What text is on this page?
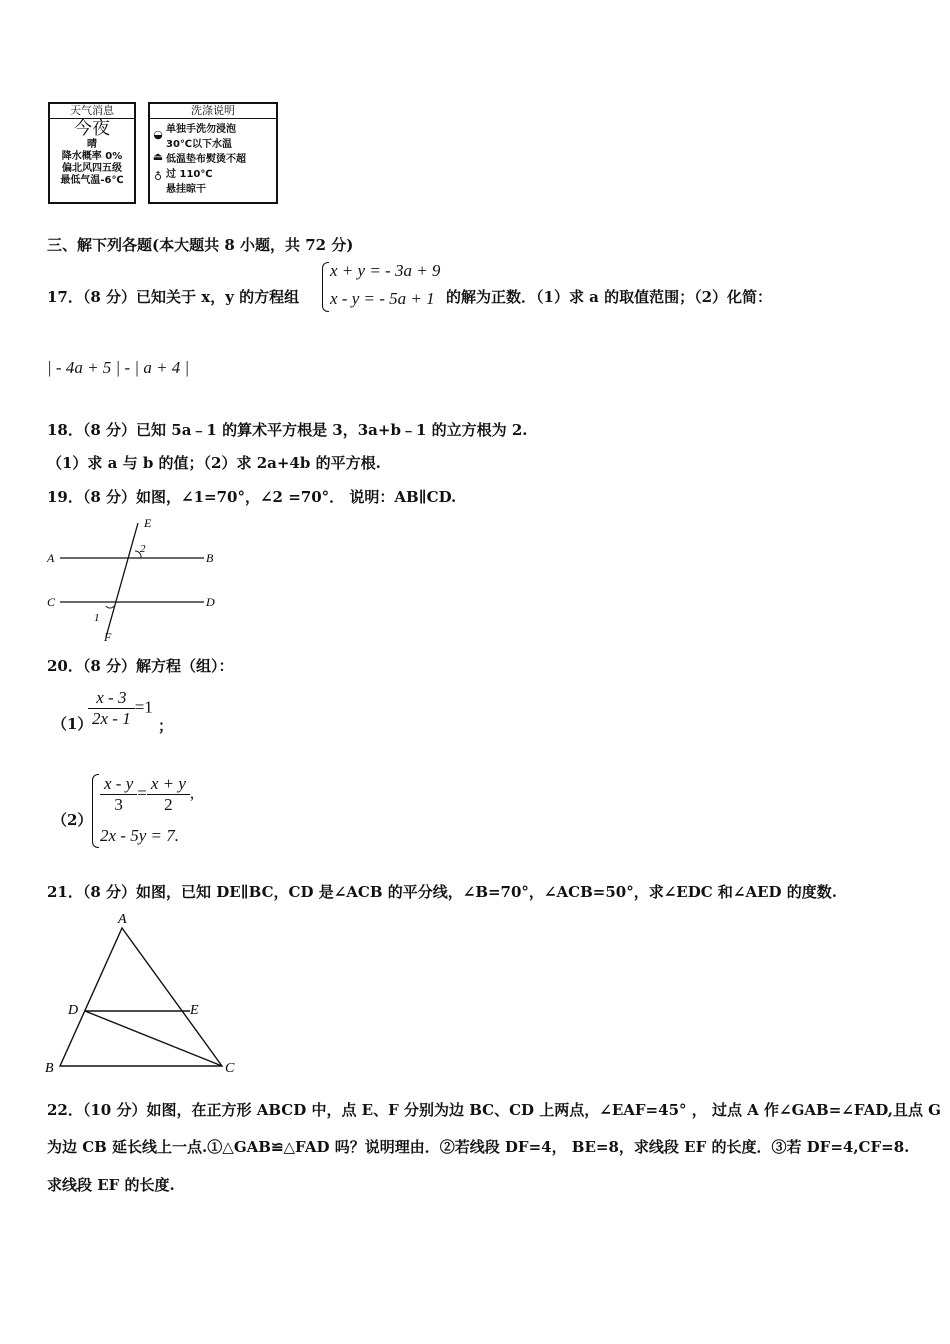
天气消息
今夜
晴
降水概率 0%
偏北风四五级
最低气温-6℃
洗涤说明
◒
⏏
♁
单独手洗勿浸泡
30℃以下水温
低温垫布熨烫不超
过 110℃
悬挂晾干
三、解下列各题(本大题共 8 小题，共 72 分)
17．（8 分）已知关于 x，y 的方程组
x + y = - 3a + 9
x - y = - 5a + 1 的解为正数．（1）求 a 的取值范围；（2）化简：
| - 4a + 5 | - | a + 4 |
18．（8 分）已知 5a﹣1 的算术平方根是 3，3a+b﹣1 的立方根为 2.
（1）求 a 与 b 的值；（2）求 2a+4b 的平方根.
19．（8 分）如图，∠1=70°，∠2 =70°． 说明：AB∥CD.
A	B
C	D
E
F
1
2
20．（8 分）解方程（组）：
（1）
$\frac{x - 3}{2x - 1} =1$
；
（2）
$\frac{x - y}{3} = \frac{x + y}{2}$ ,
2x - 5y = 7.
21．（8 分）如图，已知 DE∥BC，CD 是∠ACB 的平分线，∠B=70°，∠ACB=50°，求∠EDC 和∠AED 的度数.
A
B	C
D	E
22．（10 分）如图，在正方形 ABCD 中，点 E、F 分别为边 BC、CD 上两点，∠EAF=45° ， 过点 A 作∠GAB=∠FAD,且点 G
为边 CB 延长线上一点.①△GAB≌△FAD 吗？说明理由．②若线段 DF=4， BE=8，求线段 EF 的长度．③若 DF=4,CF=8.
求线段 EF 的长度.
